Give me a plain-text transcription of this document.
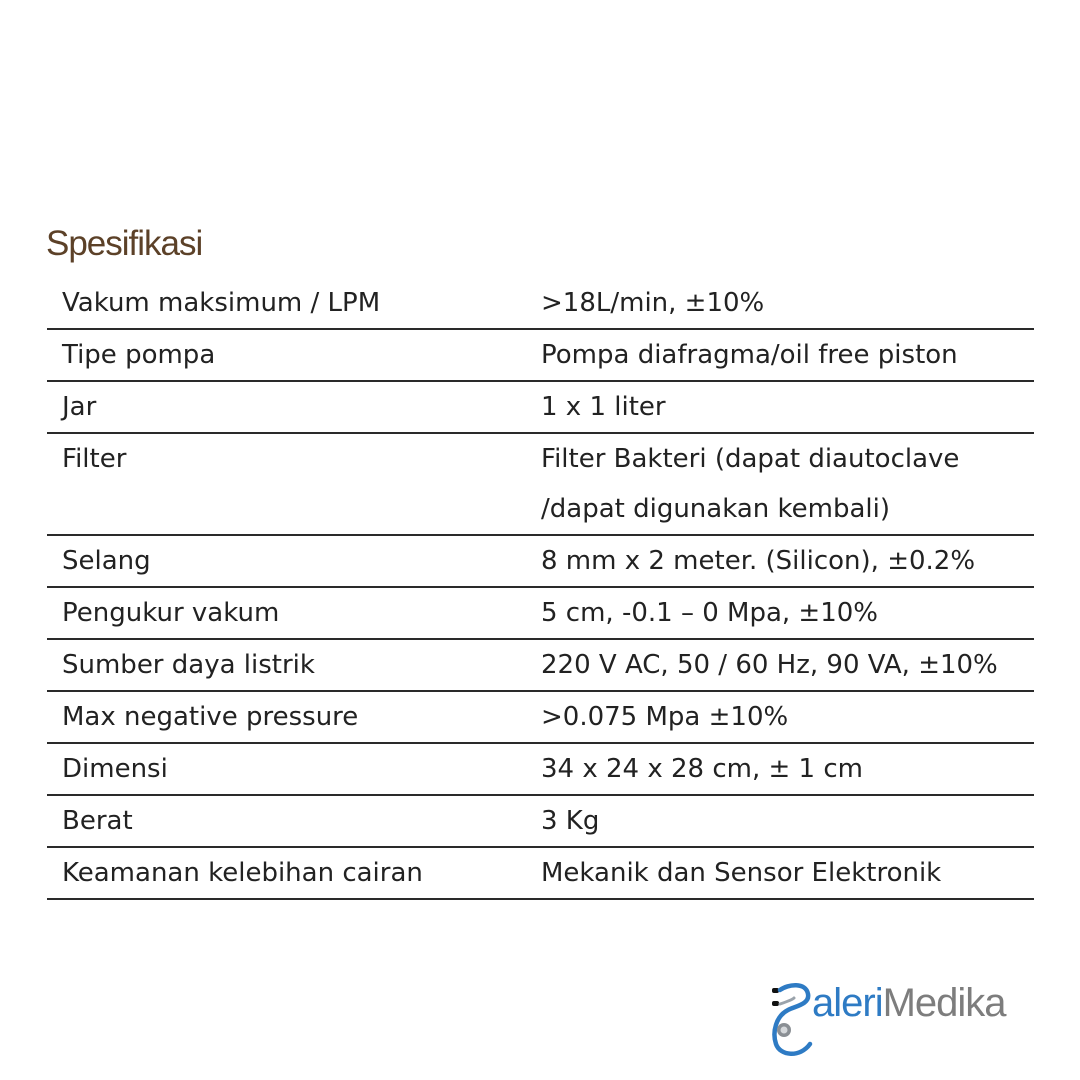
Spesifikasi
Vakum maksimum / LPM	>18L/min, ±10%
Tipe pompa	Pompa diafragma/oil free piston
Jar	1 x 1 liter
Filter	Filter Bakteri (dapat diautoclave
/dapat digunakan kembali)
Selang	8 mm x 2 meter. (Silicon), ±0.2%
Pengukur vakum	5 cm, -0.1 – 0 Mpa, ±10%
Sumber daya listrik	220 V AC, 50 / 60 Hz, 90 VA, ±10%
Max negative pressure	>0.075 Mpa ±10%
Dimensi	34 x 24 x 28 cm, ± 1 cm
Berat	3 Kg
Keamanan kelebihan cairan	Mekanik dan Sensor Elektronik
aleriMedika
